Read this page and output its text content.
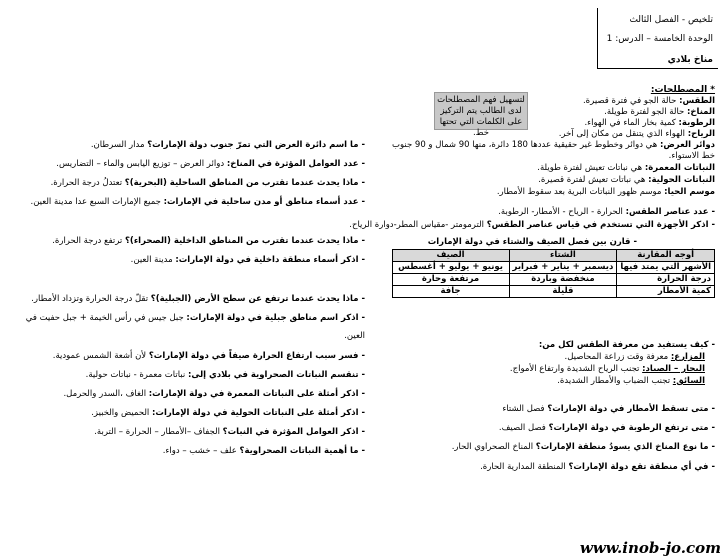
تلخيص - الفصل الثالث
الوحدة الخامسة – الدرس: 1
مناخ بلادي
* المصطلحات:
لتسهيل فهم المصطلحات لدى الطالب يتم التركيز على الكلمات التي تحتها خط.
الطقس: حالة الجو في فترة قصيرة.
المناخ: حالة الجو لفترة طويلة.
الرطوبة: كمية بخار الماء في الهواء.
الرياح: الهواء الذي يتنقل من مكان إلى آخر.
دوائر العرض: هي دوائر وخطوط غير حقيقية عددها 180 دائرة، منها 90 شمال و 90 جنوب
خط الاستواء.
النباتات المعمرة: هي نباتات تعيش لفترة طويلة.
النباتات الحولية: هي نباتات تعيش لفترة قصيرة.
موسم الحيا: موسم ظهور النباتات البرية بعد سقوط الأمطار.
- عدد عناصر الطقس: الحرارة - الرياح - الأمطار- الرطوبة.
- اذكر الأجهزة التي تستخدم في قياس عناصر الطقس؟ الترمومتر -مقياس المطر-دوارة الرياح.
- قارن بين فصل الصيف والشتاء في دولة الإمارات
أوجه المقارنة	الشتاء	الصيف
الأشهر التي يمتد فيها	ديسمبر + يناير + فبراير	يونيو + يوليو + أغسطس
درجة الحرارة	منخفضة وباردة	مرتفعة وحارة
كمية الأمطار	قليلة	جافة
- كيف يستفيد من معرفة الطقس لكل من:
المزارع: معرفة وقت زراعة المحاصيل.
البحار – الصياد: تجنب الرياح الشديدة وارتفاع الأمواج.
السائق: تجنب الضباب والأمطار الشديدة.
- متى تسقط الأمطار في دولة الإمارات؟ فصل الشتاء
- متى ترتفع الرطوبة في دولة الإمارات؟ فصل الصيف.
- ما نوع المناخ الذي يسودُ منطقة الإمارات؟ المناخ الصحراوي الحار.
- في أي منطقة تقع دولة الإمارات؟ المنطقة المدارية الحارة.
- ما اسم دائرة العرض التي تمرّ جنوب دولة الإمارات؟ مدار السرطان.
- عدد العوامل المؤثرة في المناخ: دوائر العرض – توزيع اليابس والماء – التضاريس.
- ماذا يحدث عندما تقترب من المناطق الساحلية (البحرية)؟ تعتدلُ درجة الحرارة.
- عدد أسماء مناطق أو مدن ساحلية في الإمارات: جميع الإمارات السبع عدا مدينة العين.
- ماذا يحدث عندما تقترب من المناطق الداخلية (الصحراء)؟ ترتفع درجة الحرارة.
- اذكر أسماء منطقة داخلية في دولة الإمارات: مدينة العين.
- ماذا يحدث عندما ترتفع عن سطح الأرض (الجبلية)؟ تقلّ درجة الحرارة وتزداد الأمطار.
- اذكر اسم مناطق جبلية في دولة الإمارات: جبل جيس في رأس الخيمة + جبل حفيت في
العين.
- فسر سبب ارتفاع الحرارة صيفاً في دولة الإمارات؟ لأن أشعة الشمس عمودية.
- تنقسم النباتات الصحراوية في بلادي إلى: نباتات معمرة - نباتات حولية.
- اذكر أمثلة على النباتات المعمرة في دولة الإمارات: الغاف ،السدر والحرمل.
- اذكر أمثلة على النباتات الحولية في دولة الإمارات: الحميض والخبيز.
- اذكر العوامل المؤثرة في النبات؟ الجفاف –الأمطار – الحرارة – التربة.
- ما أهمية النباتات الصحراوية؟ علف – خشب – دواء.
www.inob-jo.com
